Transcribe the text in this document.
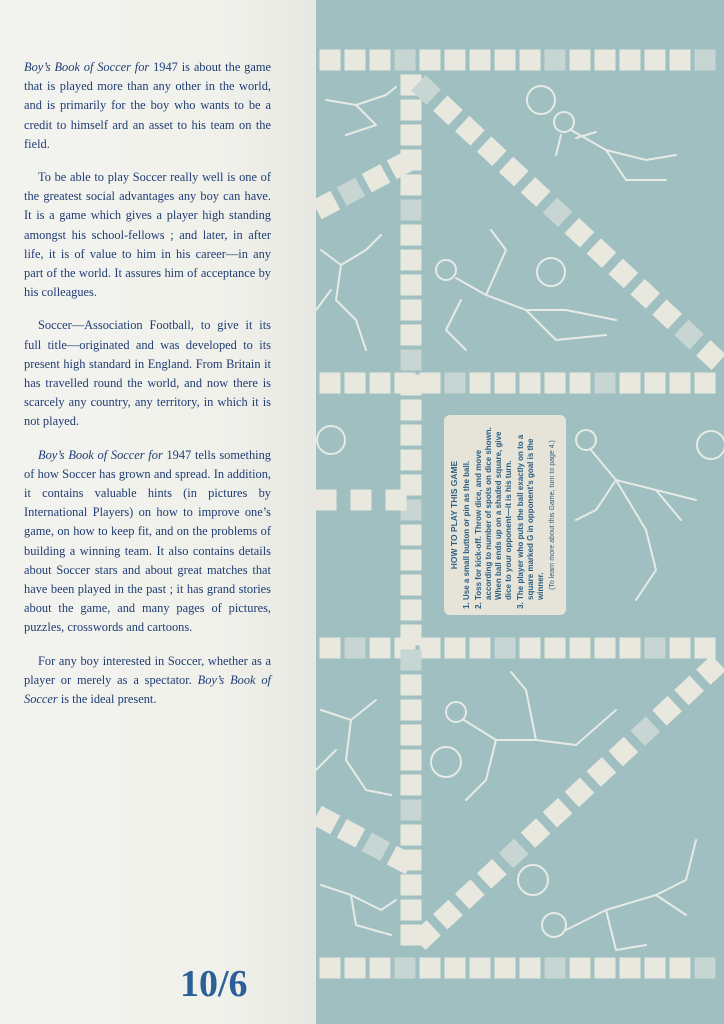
Boy’s Book of Soccer for 1947 is about the game that is played more than any other in the world, and is primarily for the boy who wants to be a credit to himself ard an asset to his team on the field.

To be able to play Soccer really well is one of the greatest social advantages any boy can have. It is a game which gives a player high standing amongst his school-fellows ; and later, in after life, it is of value to him in his career—in any part of the world. It assures him of acceptance by his colleagues.

Soccer—Association Football, to give it its full title—originated and was developed to its present high standard in England. From Britain it has travelled round the world, and now there is scarcely any country, any territory, in which it is not played.

Boy’s Book of Soccer for 1947 tells something of how Soccer has grown and spread. In addition, it contains valuable hints (in pictures by International Players) on how to improve one’s game, on how to keep fit, and on the problems of building a winning team. It also contains details about Soccer stars and about great matches that have been played in the past ; it has grand stories about the game, and many pages of pictures, puzzles, crosswords and cartoons.

For any boy interested in Soccer, whether as a player or merely as a spectator. Boy’s Book of Soccer is the ideal present.

10/6
HOW TO PLAY THIS GAME 1. Use a small button or pin as the ball. 2. Toss for kick-off. Throw dice, and move according to number of spots on dice shown. When ball ends up on a shaded square, give dice to your opponent—it is his turn. 3. The player who puts the ball exactly on to a square marked G in opponent’s goal is the winner. (To learn more about this Game, turn to page 4.)
